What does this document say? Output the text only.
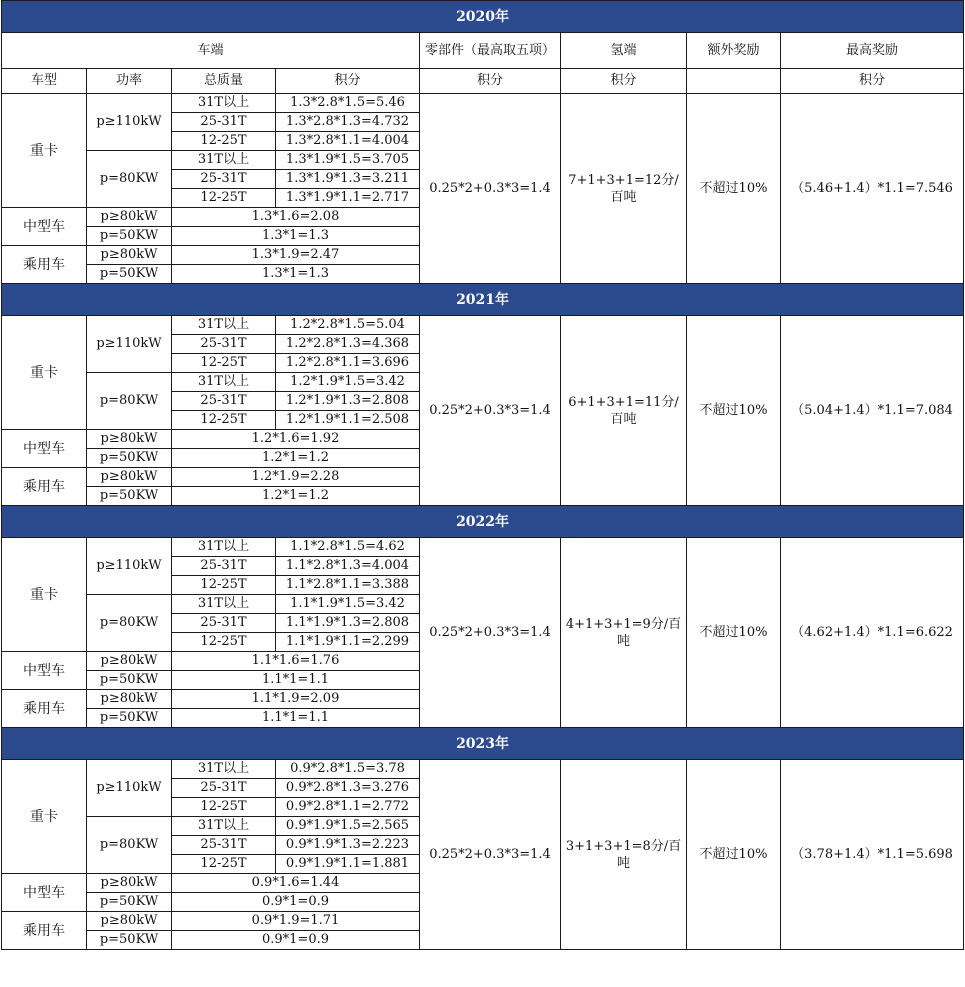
2020年							
车端				零部件（最高取五项）	氢端	额外奖励	最高奖励
车型	功率	总质量	积分	积分	积分		积分
重卡	p≥110kW	31T以上	1.3*2.8*1.5=5.46	0.25*2+0.3*3=1.4	7+1+3+1=12分/百吨	不超过10%	（5.46+1.4）*1.1=7.546
		25-31T	1.3*2.8*1.3=4.732				
		12-25T	1.3*2.8*1.1=4.004				
	p=80KW	31T以上	1.3*1.9*1.5=3.705				
		25-31T	1.3*1.9*1.3=3.211				
		12-25T	1.3*1.9*1.1=2.717				
中型车	p≥80kW	1.3*1.6=2.08					
	p=50KW	1.3*1=1.3					
乘用车	p≥80kW	1.3*1.9=2.47					
	p=50KW	1.3*1=1.3					
2021年							
重卡	p≥110kW	31T以上	1.2*2.8*1.5=5.04	0.25*2+0.3*3=1.4	6+1+3+1=11分/百吨	不超过10%	（5.04+1.4）*1.1=7.084
		25-31T	1.2*2.8*1.3=4.368				
		12-25T	1.2*2.8*1.1=3.696				
	p=80KW	31T以上	1.2*1.9*1.5=3.42				
		25-31T	1.2*1.9*1.3=2.808				
		12-25T	1.2*1.9*1.1=2.508				
中型车	p≥80kW	1.2*1.6=1.92					
	p=50KW	1.2*1=1.2					
乘用车	p≥80kW	1.2*1.9=2.28					
	p=50KW	1.2*1=1.2					
2022年							
重卡	p≥110kW	31T以上	1.1*2.8*1.5=4.62	0.25*2+0.3*3=1.4	4+1+3+1=9分/百吨	不超过10%	（4.62+1.4）*1.1=6.622
		25-31T	1.1*2.8*1.3=4.004				
		12-25T	1.1*2.8*1.1=3.388				
	p=80KW	31T以上	1.1*1.9*1.5=3.42				
		25-31T	1.1*1.9*1.3=2.808				
		12-25T	1.1*1.9*1.1=2.299				
中型车	p≥80kW	1.1*1.6=1.76					
	p=50KW	1.1*1=1.1					
乘用车	p≥80kW	1.1*1.9=2.09					
	p=50KW	1.1*1=1.1					
2023年							
重卡	p≥110kW	31T以上	0.9*2.8*1.5=3.78	0.25*2+0.3*3=1.4	3+1+3+1=8分/百吨	不超过10%	（3.78+1.4）*1.1=5.698
		25-31T	0.9*2.8*1.3=3.276				
		12-25T	0.9*2.8*1.1=2.772				
	p=80KW	31T以上	0.9*1.9*1.5=2.565				
		25-31T	0.9*1.9*1.3=2.223				
		12-25T	0.9*1.9*1.1=1.881				
中型车	p≥80kW	0.9*1.6=1.44					
	p=50KW	0.9*1=0.9					
乘用车	p≥80kW	0.9*1.9=1.71					
	p=50KW	0.9*1=0.9					
